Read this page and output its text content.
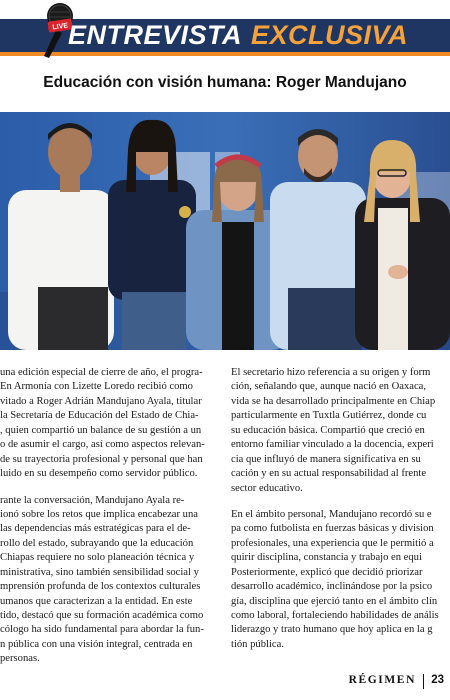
LIVE ENTREVISTA EXCLUSIVA
Educación con visión humana: Roger Mandujano

una edición especial de cierre de año, el progra-
En Armonía con Lizette Loredo recibió como
vitado a Roger Adrián Mandujano Ayala, titular
la Secretaría de Educación del Estado de Chia-
, quien compartió un balance de su gestión a un
o de asumir el cargo, así como aspectos relevan-
de su trayectoria profesional y personal que han
luido en su desempeño como servidor público.

rante la conversación, Mandujano Ayala re-
ionó sobre los retos que implica encabezar una
las dependencias más estratégicas para el de-
rollo del estado, subrayando que la educación
Chiapas requiere no solo planeación técnica y
ministrativa, sino también sensibilidad social y
mprensión profunda de los contextos culturales
umanos que caracterizan a la entidad. En este
tido, destacó que su formación académica como
cólogo ha sido fundamental para abordar la fun-
n pública con una visión integral, centrada en
personas.

El secretario hizo referencia a su origen y form
ción, señalando que, aunque nació en Oaxaca,
vida se ha desarrollado principalmente en Chiap
particularmente en Tuxtla Gutiérrez, donde cu
su educación básica. Compartió que creció en
entorno familiar vinculado a la docencia, experi
cia que influyó de manera significativa en su
cación y en su actual responsabilidad al frente
sector educativo.

En el ámbito personal, Mandujano recordó su e
pa como futbolista en fuerzas básicas y division
profesionales, una experiencia que le permitió a
quirir disciplina, constancia y trabajo en equi
Posteriormente, explicó que decidió priorizar
desarrollo académico, inclinándose por la psico
gía, disciplina que ejerció tanto en el ámbito clín
como laboral, fortaleciendo habilidades de anális
liderazgo y trato humano que hoy aplica en la g
tión pública.

RÉGIMEN 23
